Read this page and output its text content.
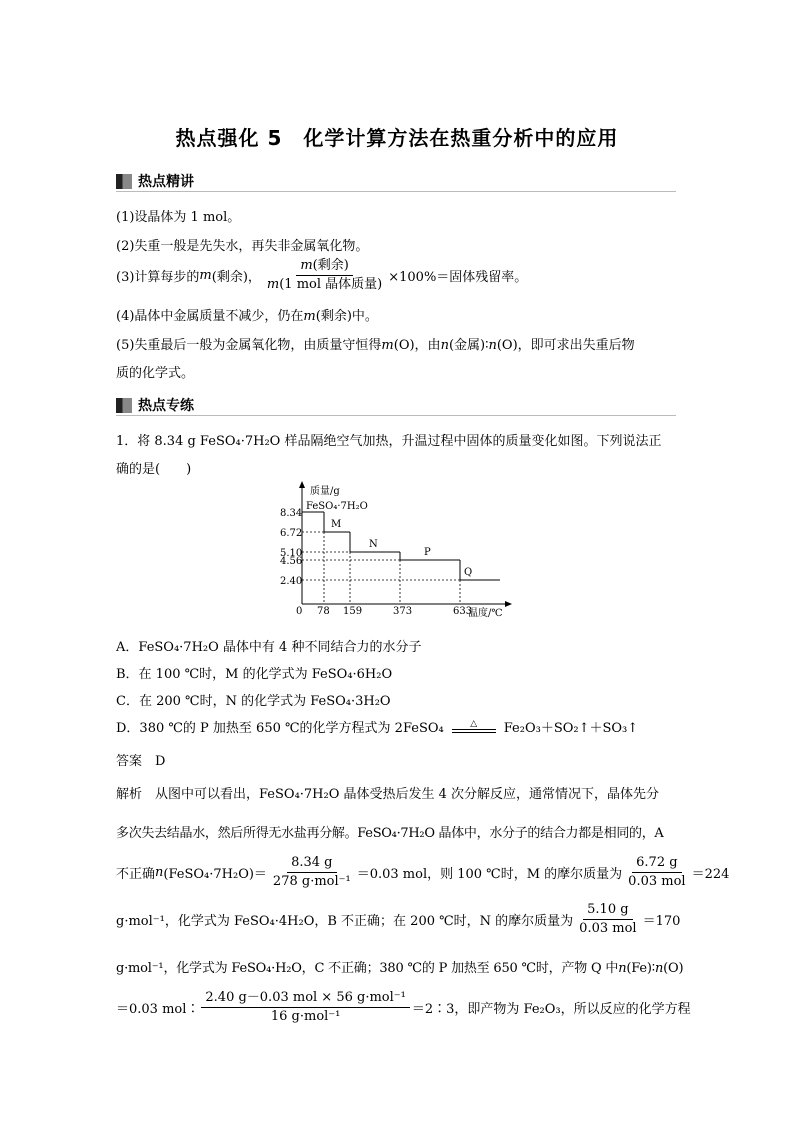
热点强化 5　化学计算方法在热重分析中的应用
热点精讲
(1)设晶体为 1 mol。
(2)失重一般是先失水，再失非金属氧化物。
(3)计算每步的 m (剩余)， $\frac{\text{m(剩余)}}{\text{m(1 mol 晶体质量)}} \times 100\%=$固体残留率。
(4)晶体中金属质量不减少，仍在m(剩余)中。
(5)失重最后一般为金属氧化物，由质量守恒得m(O)，由n(金属)∶n(O)，即可求出失重后物
质的化学式。
热点专练
1．将 8.34 g FeSO₄·7H₂O 样品隔绝空气加热，升温过程中固体的质量变化如图。下列说法正
确的是(　　)
质量/g
温度/℃
0
8.34
FeSO₄·7H₂O
6.72
M
5.10
N
4.56
P
2.40
Q
78 159	373	633
A．FeSO₄·7H₂O 晶体中有 4 种不同结合力的水分子
B．在 100 ℃时，M 的化学式为 FeSO₄·6H₂O
C．在 200 ℃时，N 的化学式为 FeSO₄·3H₂O
D．380 ℃的 P 加热至 650 ℃的化学方程式为 2FeSO₄	△ Fe₂O₃＋SO₂↑＋SO₃↑
答案　D
解析　从图中可以看出，FeSO₄·7H₂O 晶体受热后发生 4 次分解反应，通常情况下，晶体先分
多次失去结晶水，然后所得无水盐再分解。FeSO₄·7H₂O 晶体中，水分子的结合力都是相同的，A
不正确 n (FeSO₄·7H₂O)＝ $\frac{8.34 g}{\text{278 g·mol⁻¹}} =0.03$ mol，则 100 ℃时，M 的摩尔质量为 $\frac{6.72 g}{\text{0.03 mol}} =224$
g·mol⁻¹，化学式为 FeSO₄·4H₂O，B 不正确；在 200 ℃时，N 的摩尔质量为 $\frac{5.10 g}{\text{0.03 mol}} =170$
g·mol⁻¹，化学式为 FeSO₄·H₂O，C 不正确；380 ℃的 P 加热至 650 ℃时，产物 Q 中n(Fe)∶n(O)
＝0.03 mol∶ $\frac{\text{2.40 g－0.03 mol × 56 g·mol⁻¹}}{\text{16 g·mol⁻¹}}$ ＝2∶3，即产物为 Fe₂O₃，所以反应的化学方程
